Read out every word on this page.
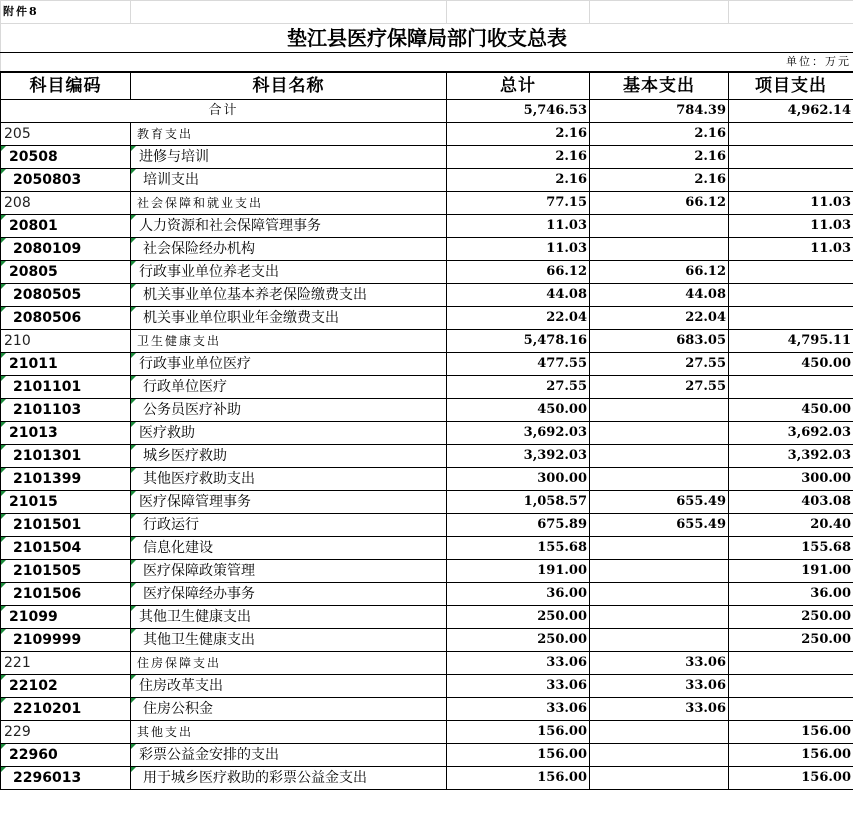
附件8				
垫江县医疗保障局部门收支总表				
单位：万元				
科目编码	科目名称	总计	基本支出	项目支出
合计		5,746.53	784.39	4,962.14
205	教育支出	2.16	2.16	

20508	进修与培训	2.16	2.16	

2050803	培训支出	2.16	2.16	
208	社会保障和就业支出	77.15	66.12	11.03

20801	人力资源和社会保障管理事务	11.03		11.03

2080109	社会保险经办机构	11.03		11.03

20805	行政事业单位养老支出	66.12	66.12	

2080505	机关事业单位基本养老保险缴费支出	44.08	44.08	

2080506	机关事业单位职业年金缴费支出	22.04	22.04	
210	卫生健康支出	5,478.16	683.05	4,795.11

21011	行政事业单位医疗	477.55	27.55	450.00

2101101	行政单位医疗	27.55	27.55	

2101103	公务员医疗补助	450.00		450.00

21013	医疗救助	3,692.03		3,692.03

2101301	城乡医疗救助	3,392.03		3,392.03

2101399	其他医疗救助支出	300.00		300.00

21015	医疗保障管理事务	1,058.57	655.49	403.08

2101501	行政运行	675.89	655.49	20.40

2101504	信息化建设	155.68		155.68

2101505	医疗保障政策管理	191.00		191.00

2101506	医疗保障经办事务	36.00		36.00

21099	其他卫生健康支出	250.00		250.00

2109999	其他卫生健康支出	250.00		250.00
221	住房保障支出	33.06	33.06	

22102	住房改革支出	33.06	33.06	

2210201	住房公积金	33.06	33.06	
229	其他支出	156.00		156.00

22960	彩票公益金安排的支出	156.00		156.00

2296013	用于城乡医疗救助的彩票公益金支出	156.00		156.00
